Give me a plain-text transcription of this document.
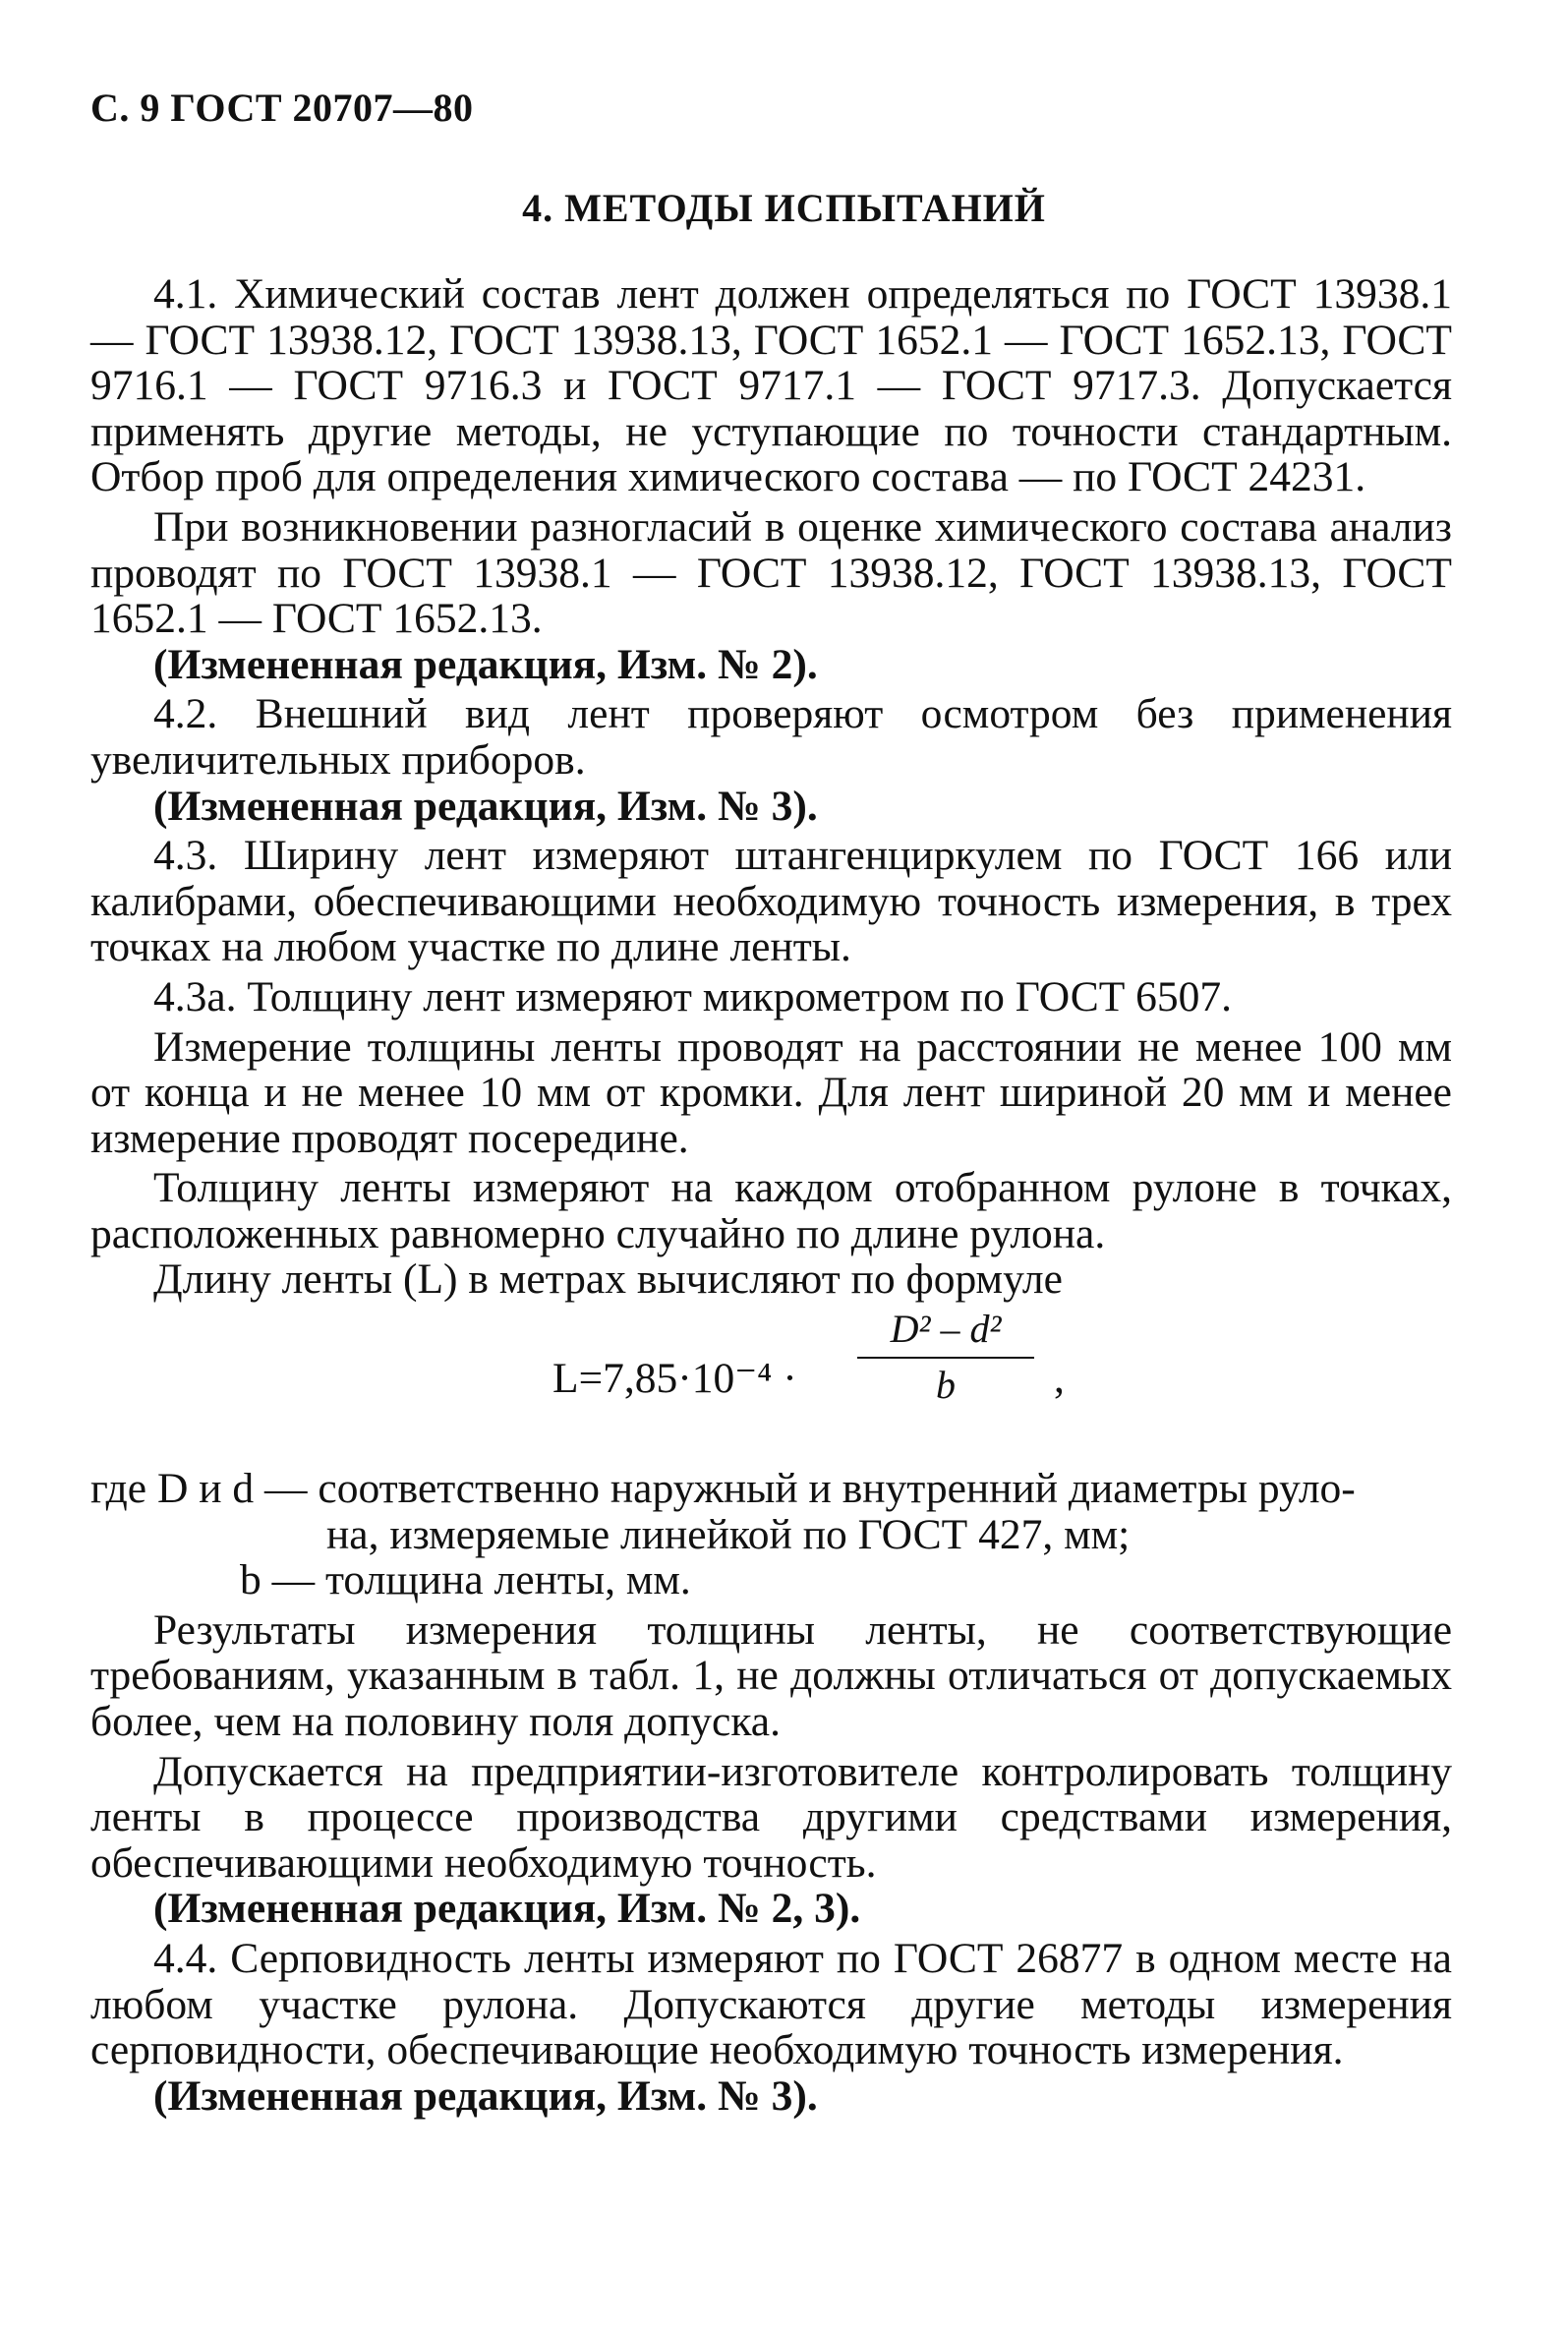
С. 9 ГОСТ 20707—80
4. МЕТОДЫ ИСПЫТАНИЙ

4.1. Химический состав лент должен определяться по ГОСТ 13938.1 — ГОСТ 13938.12, ГОСТ 13938.13, ГОСТ 1652.1 — ГОСТ 1652.13, ГОСТ 9716.1 — ГОСТ 9716.3 и ГОСТ 9717.1 — ГОСТ 9717.3. Допускается применять другие методы, не уступающие по точности стандартным. Отбор проб для определения химического состава — по ГОСТ 24231.

При возникновении разногласий в оценке химического состава анализ проводят по ГОСТ 13938.1 — ГОСТ 13938.12, ГОСТ 13938.13, ГОСТ 1652.1 — ГОСТ 1652.13.

(Измененная редакция, Изм. № 2).

4.2. Внешний вид лент проверяют осмотром без применения увеличительных приборов.

(Измененная редакция, Изм. № 3).

4.3. Ширину лент измеряют штангенциркулем по ГОСТ 166 или калибрами, обеспечивающими необходимую точность измерения, в трех точках на любом участке по длине ленты.

4.3а. Толщину лент измеряют микрометром по ГОСТ 6507.

Измерение толщины ленты проводят на расстоянии не менее 100 мм от конца и не менее 10 мм от кромки. Для лент шириной 20 мм и менее измерение проводят посередине.

Толщину ленты измеряют на каждом отобранном рулоне в точках, расположенных равномерно случайно по длине рулона.

Длину ленты (L) в метрах вычисляют по формуле

L=7,85·10⁻⁴ ·
D² – d²
b	,
где D и d — соответственно наружный и внутренний диаметры руло-
на, измеряемые линейкой по ГОСТ 427, мм;
b — толщина ленты, мм.

Результаты измерения толщины ленты, не соответствующие требованиям, указанным в табл. 1, не должны отличаться от допускаемых более, чем на половину поля допуска.

Допускается на предприятии-изготовителе контролировать толщину ленты в процессе производства другими средствами измерения, обеспечивающими необходимую точность.

(Измененная редакция, Изм. № 2, 3).

4.4. Серповидность ленты измеряют по ГОСТ 26877 в одном месте на любом участке рулона. Допускаются другие методы измерения серповидности, обеспечивающие необходимую точность измерения.

(Измененная редакция, Изм. № 3).
